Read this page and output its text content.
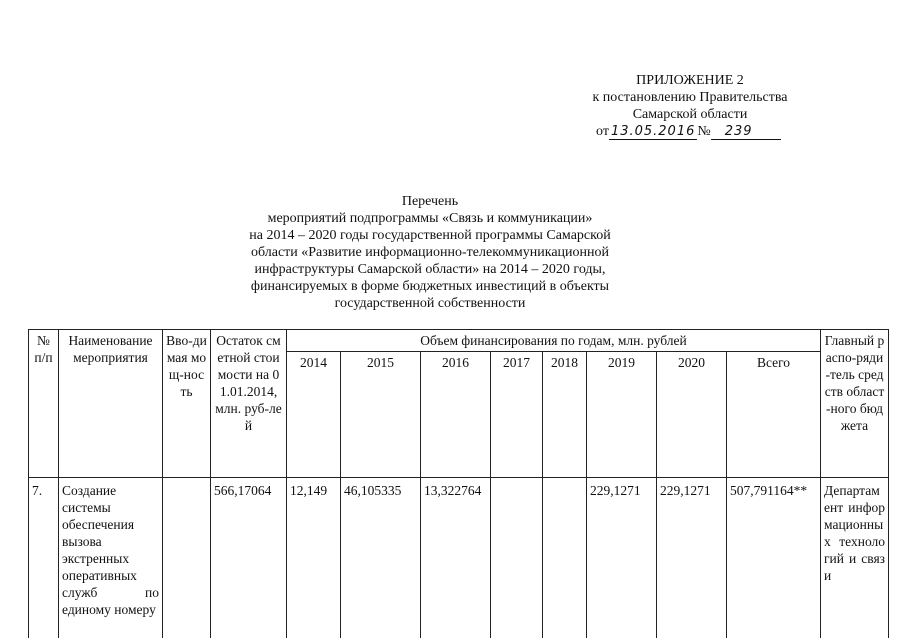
ПРИЛОЖЕНИЕ 2
к постановлению Правительства
Самарской области
от 13.05.2016 № 239
Перечень
мероприятий подпрограммы «Связь и коммуникации»
на 2014 – 2020 годы государственной программы Самарской
области «Развитие информационно-телекоммуникационной
инфраструктуры Самарской области» на 2014 – 2020 годы,
финансируемых в форме бюджетных инвестиций в объекты
государственной собственности
№ п/п	Наименование мероприятия	Вво-димая мощ-ность	Остаток сметной стоимости на 01.01.2014, млн. руб-лей	Объем финансирования по годам, млн. рублей								Главный распо-ряди-тель средств област-ного бюджета
				2014	2015	2016	2017	2018	2019	2020	Всего	
7.	Создание системы обеспечения вызова экстренных оперативных служб по единому номеру		566,17064	12,149	46,105335	13,322764			229,1271	229,1271	507,791164**	Департамент информационных технологий и связи
